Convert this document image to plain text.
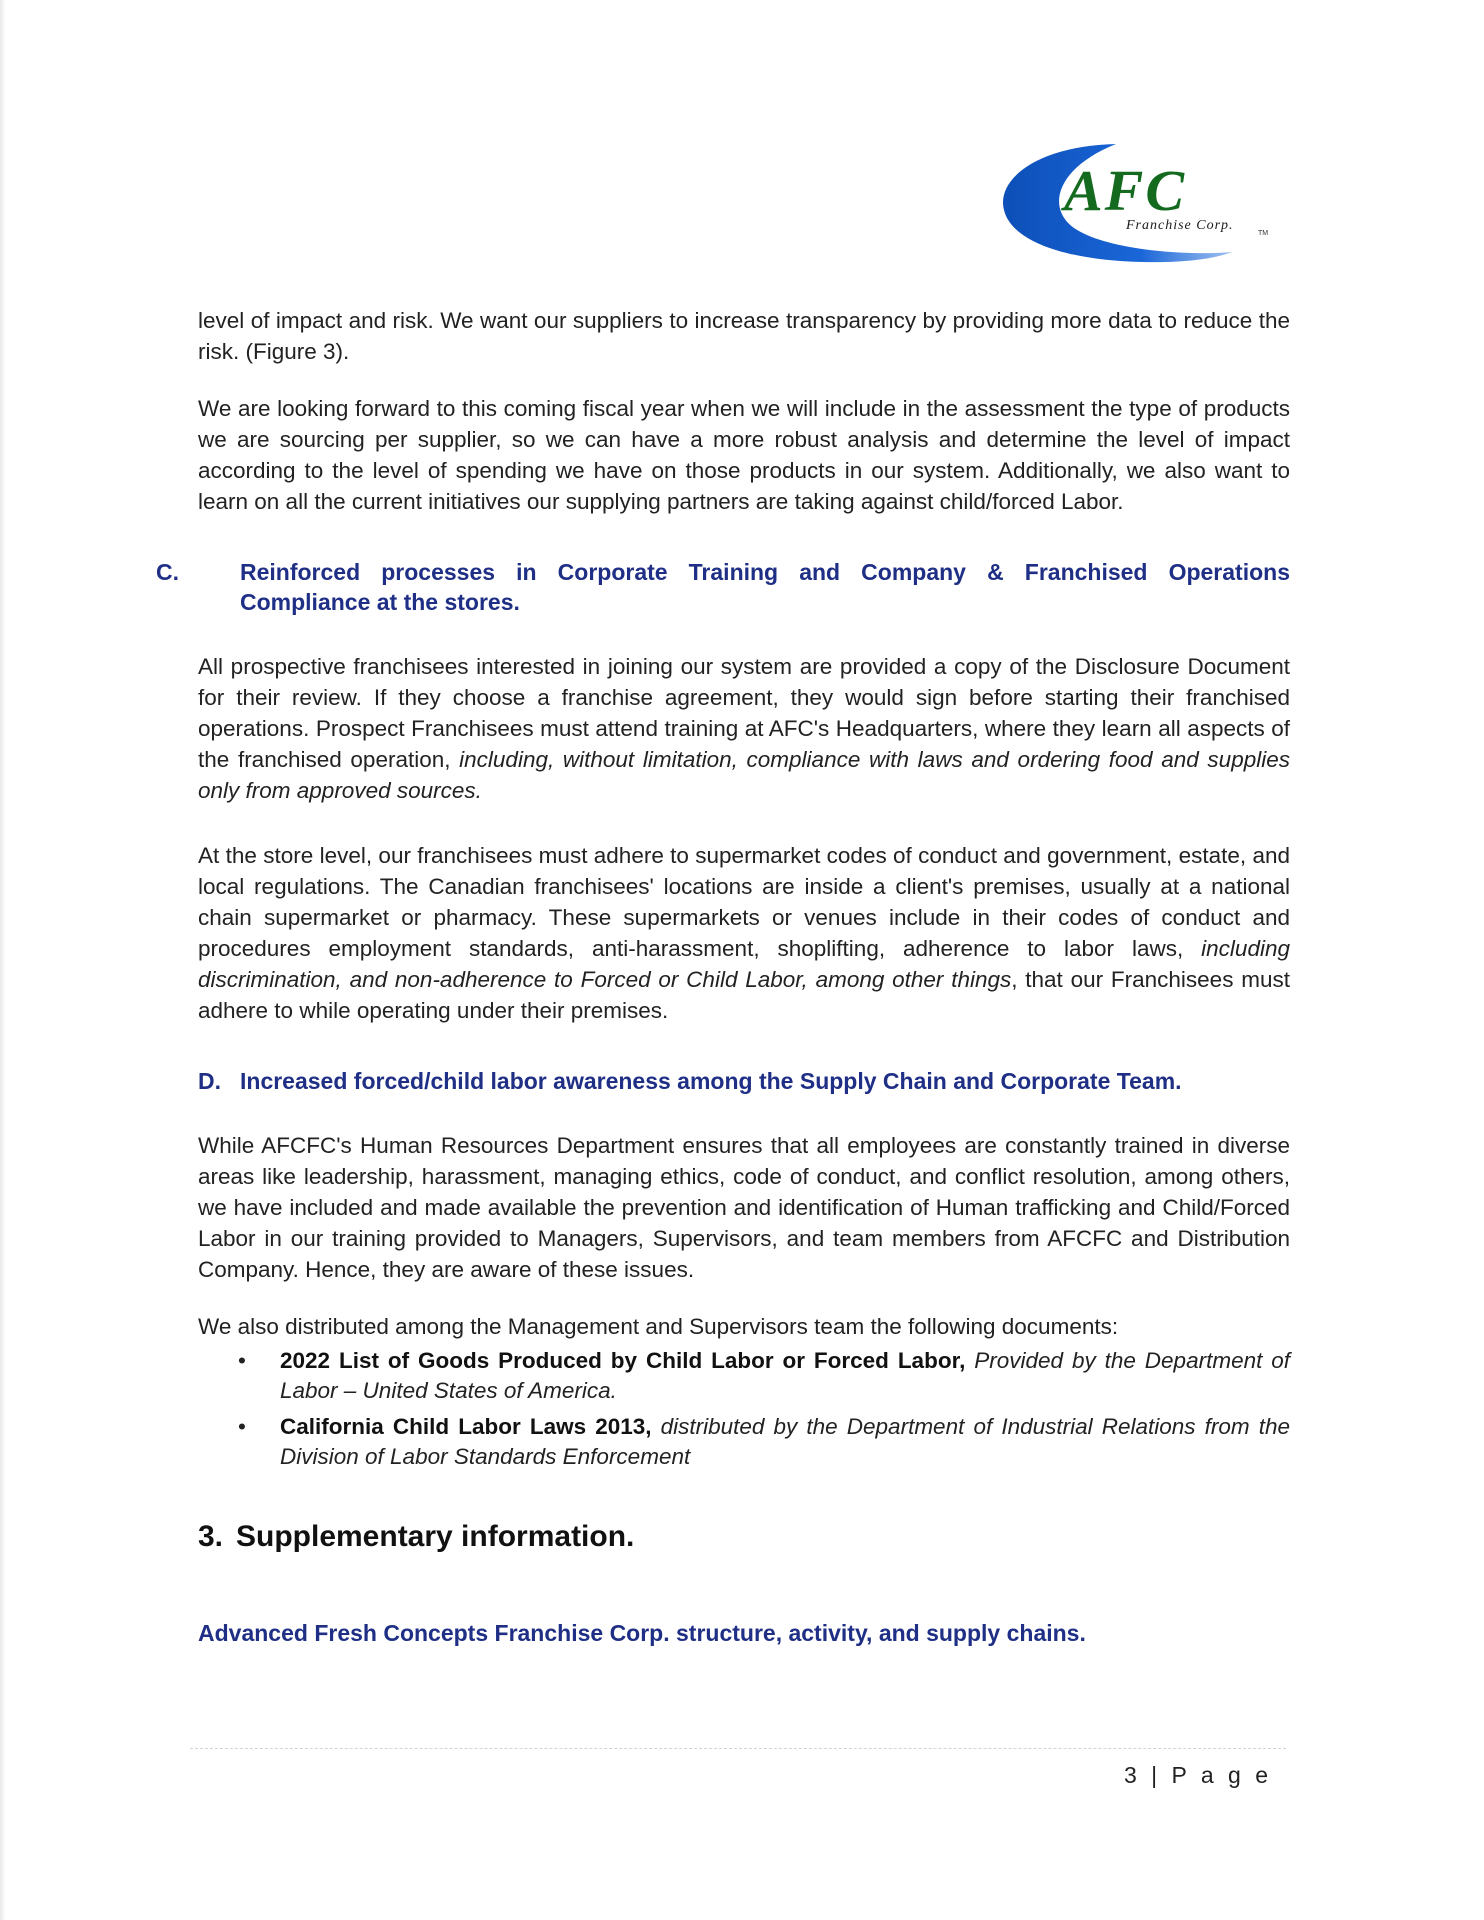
AFC
Franchise Corp.
TM

level of impact and risk. We want our suppliers to increase transparency by providing more data to reduce the risk. (Figure 3).

We are looking forward to this coming fiscal year when we will include in the assessment the type of products we are sourcing per supplier, so we can have a more robust analysis and determine the level of impact according to the level of spending we have on those products in our system. Additionally, we also want to learn on all the current initiatives our supplying partners are taking against child/forced Labor.

C.	Reinforced processes in Corporate Training and Company & Franchised Operations Compliance at the stores.

All prospective franchisees interested in joining our system are provided a copy of the Disclosure Document for their review. If they choose a franchise agreement, they would sign before starting their franchised operations. Prospect Franchisees must attend training at AFC's Headquarters, where they learn all aspects of the franchised operation, including, without limitation, compliance with laws and ordering food and supplies only from approved sources.

At the store level, our franchisees must adhere to supermarket codes of conduct and government, estate, and local regulations. The Canadian franchisees' locations are inside a client's premises, usually at a national chain supermarket or pharmacy. These supermarkets or venues include in their codes of conduct and procedures employment standards, anti-harassment, shoplifting, adherence to labor laws, including discrimination, and non-adherence to Forced or Child Labor, among other things, that our Franchisees must adhere to while operating under their premises.

D. Increased forced/child labor awareness among the Supply Chain and Corporate Team.

While AFCFC's Human Resources Department ensures that all employees are constantly trained in diverse areas like leadership, harassment, managing ethics, code of conduct, and conflict resolution, among others, we have included and made available the prevention and identification of Human trafficking and Child/Forced Labor in our training provided to Managers, Supervisors, and team members from AFCFC and Distribution Company. Hence, they are aware of these issues.

We also distributed among the Management and Supervisors team the following documents:

• 2022 List of Goods Produced by Child Labor or Forced Labor, Provided by the Department of Labor – United States of America.
• California Child Labor Laws 2013, distributed by the Department of Industrial Relations from the Division of Labor Standards Enforcement
3. Supplementary information.
Advanced Fresh Concepts Franchise Corp. structure, activity, and supply chains.
3 | P a g e
